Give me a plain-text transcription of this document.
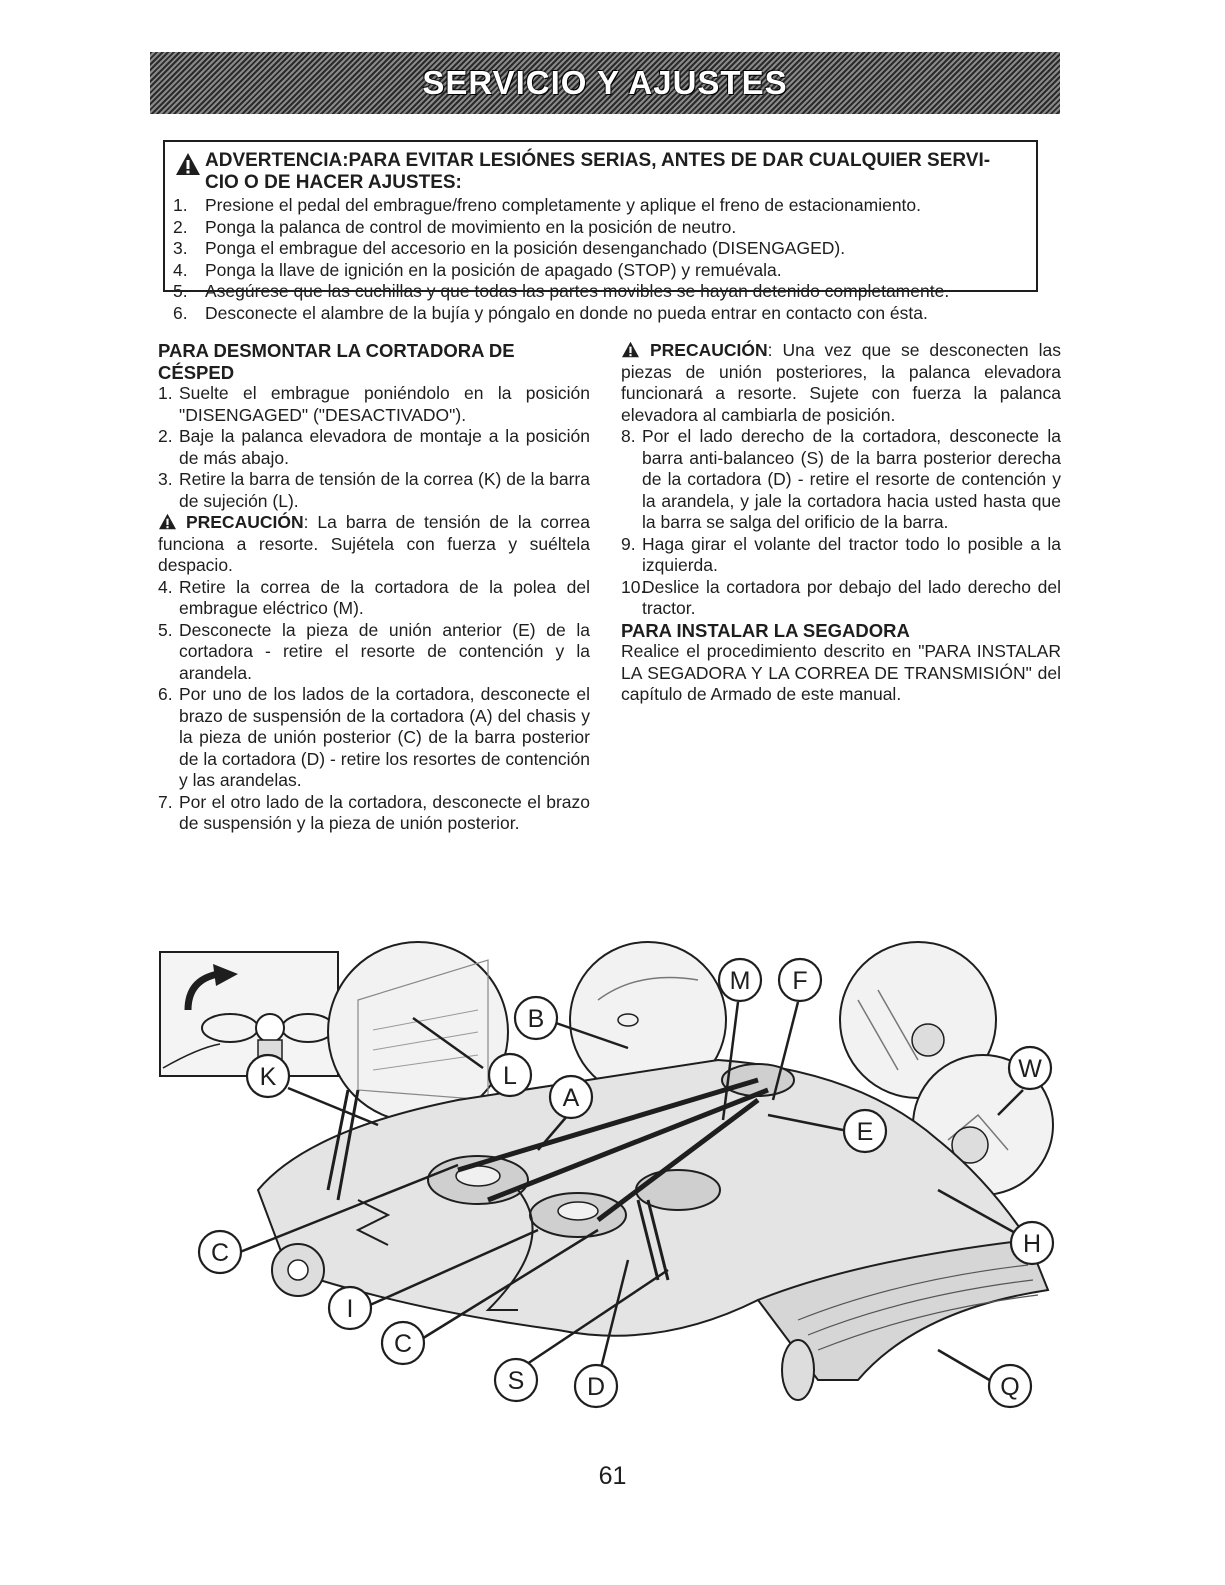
SERVICIO Y AJUSTES
ADVERTENCIA:PARA EVITAR LESIÓNES SERIAS, ANTES DE DAR CUALQUIER SERVI-
CIO O DE HACER AJUSTES:
1. Presione el pedal del embrague/freno completamente y aplique el freno de estacionamiento.
2. Ponga la palanca de control de movimiento en la posición de neutro.
3. Ponga el embrague del accesorio en la posición desenganchado (DISENGAGED).
4. Ponga la llave de ignición en la posición de apagado (STOP) y remuévala.
5. Asegúrese que las cuchillas y que todas las partes movibles se hayan detenido completamente.
6. Desconecte el alambre de la bujía y póngalo en donde no pueda entrar en contacto con ésta.

PARA DESMONTAR LA CORTADORA DE CÉSPED

1. Suelte el embrague poniéndolo en la posición "DISENGAGED" ("DESACTIVADO").

2. Baje la palanca elevadora de montaje a la posición de más abajo.

3. Retire la barra de tensión de la correa (K) de la barra de sujeción (L).

PRECAUCIÓN: La barra de tensión de la correa funciona a resorte. Sujétela con fuerza y suéltela despacio.

4. Retire la correa de la cortadora de la polea del embrague eléctrico (M).

5. Desconecte la pieza de unión anterior (E) de la cortadora - retire el resorte de contención y la arandela.

6. Por uno de los lados de la cortadora, desconecte el brazo de suspensión de la cortadora (A) del chasis y la pieza de unión posterior (C) de la barra posterior de la cortadora (D) - retire los resortes de contención y las arandelas.

7. Por el otro lado de la cortadora, desconecte el brazo de suspensión y la pieza de unión posterior.

PRECAUCIÓN: Una vez que se desconecten las piezas de unión posteriores, la palanca elevadora funcionará a resorte. Sujete con fuerza la palanca elevadora al cambiarla de posición.

8. Por el lado derecho de la cortadora, desconecte la barra anti-balanceo (S) de la barra posterior derecha de la cortadora (D) - retire el resorte de contención y la arandela, y jale la cortadora hacia usted hasta que la barra se salga del orificio de la barra.

9. Haga girar el volante del tractor todo lo posible a la izquierda.

10.
Deslice la cortadora por debajo del lado derecho del tractor.

PARA INSTALAR LA SEGADORA

Realice el procedimiento descrito en "PARA INSTALAR LA SEGADORA Y LA CORREA DE TRANSMISIÓN" del capítulo de Armado de este manual.

B
L
A
M F
W
K
E
C	H
I
C
S	D	Q
61
